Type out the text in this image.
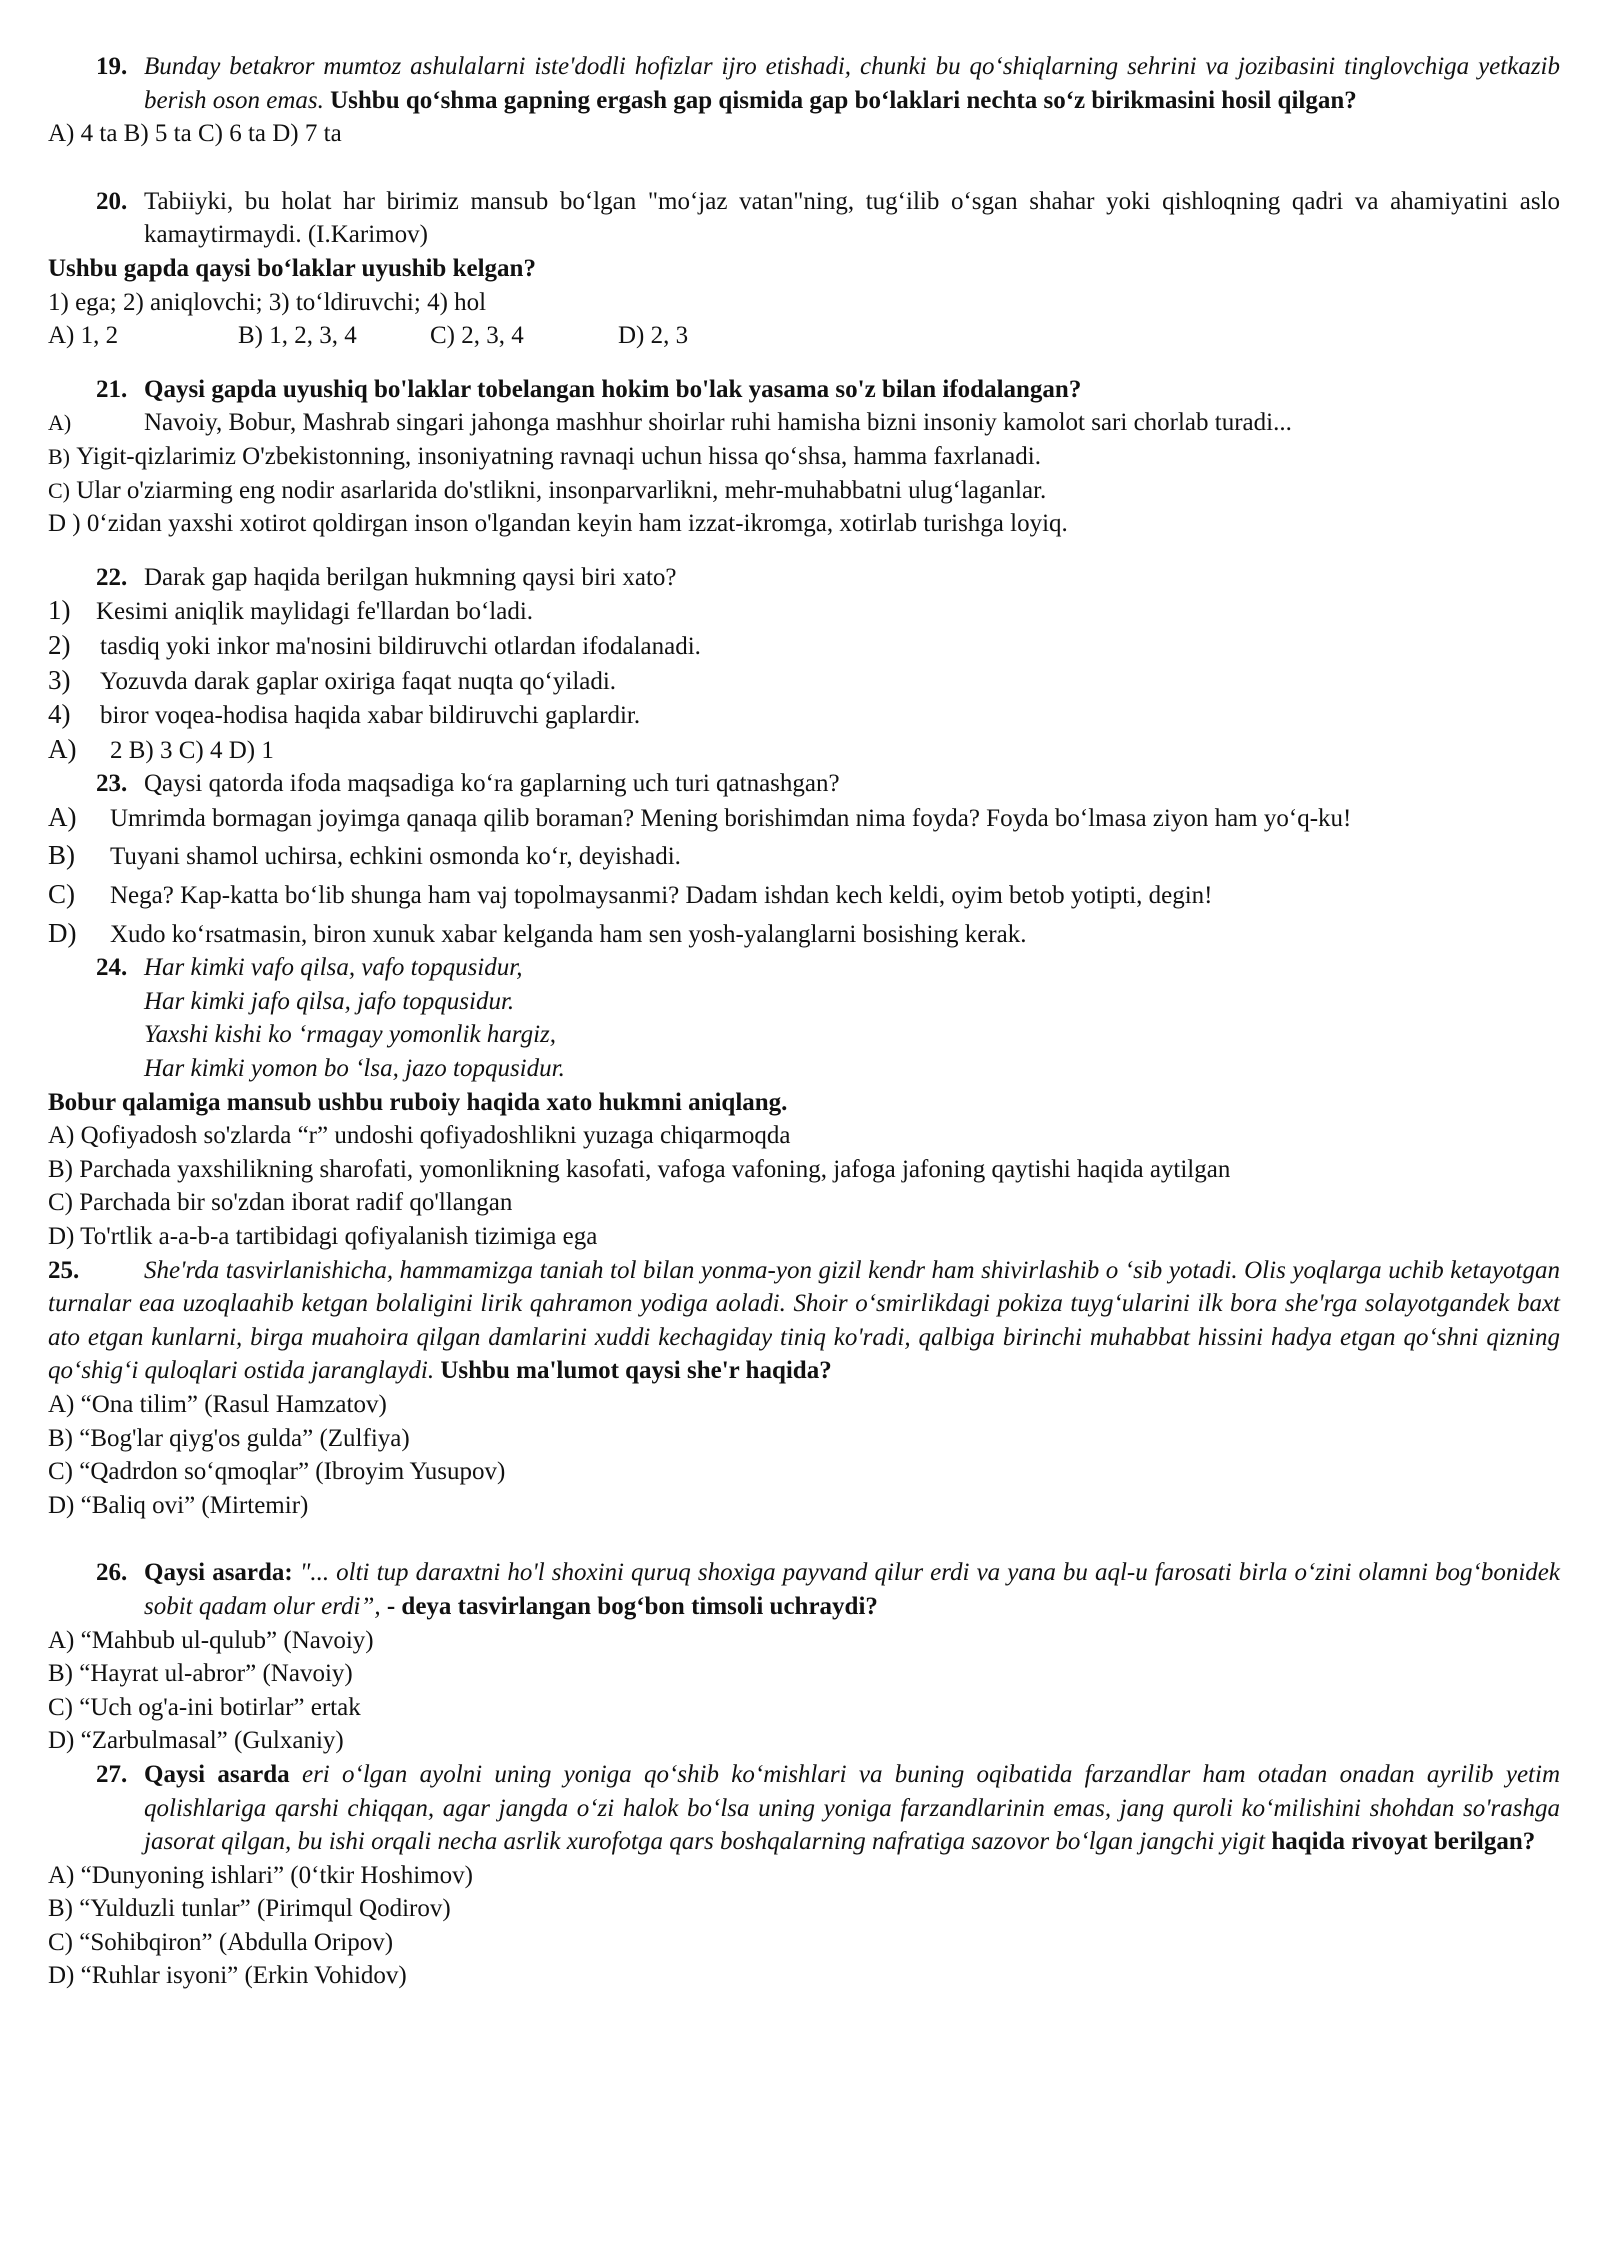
19. Bunday betakror mumtoz ashulalarni iste'dodli hofizlar ijro etishadi, chunki bu qo‘shiqlarning sehrini va jozibasini tinglovchiga yetkazib berish oson emas. Ushbu qo‘shma gapning ergash gap qismida gap bo‘laklari nechta so‘z birikmasini hosil qilgan?
A) 4 ta B) 5 ta C) 6 ta D) 7 ta
20. Tabiiyki, bu holat har birimiz mansub bo‘lgan "mo‘jaz vatan"ning, tug‘ilib o‘sgan shahar yoki qishloqning qadri va ahamiyatini aslo kamaytirmaydi. (I.Karimov)
Ushbu gapda qaysi bo‘laklar uyushib kelgan?
1) ega; 2) aniqlovchi; 3) to‘ldiruvchi; 4) hol
A) 1, 2	B) 1, 2, 3, 4	C) 2, 3, 4	D) 2, 3
21. Qaysi gapda uyushiq bo'laklar tobelangan hokim bo'lak yasama so'z bilan ifodalangan?
A)	Navoiy, Bobur, Mashrab singari jahonga mashhur shoirlar ruhi hamisha bizni insoniy kamolot sari chorlab turadi...
B) Yigit-qizlarimiz O'zbekistonning, insoniyatning ravnaqi uchun hissa qo‘shsa, hamma faxrlanadi.
C) Ular o'ziarming eng nodir asarlarida do'stlikni, insonparvarlikni, mehr-muhabbatni ulug‘laganlar.
D ) 0‘zidan yaxshi xotirot qoldirgan inson o'lgandan keyin ham izzat-ikromga, xotirlab turishga loyiq.
22. Darak gap haqida berilgan hukmning qaysi biri xato?
1) Kesimi aniqlik maylidagi fe'llardan bo‘ladi.
2) tasdiq yoki inkor ma'nosini bildiruvchi otlardan ifodalanadi.
3) Yozuvda darak gaplar oxiriga faqat nuqta qo‘yiladi.
4) biror voqea-hodisa haqida xabar bildiruvchi gaplardir.
A) 2 B) 3 C) 4 D) 1
23. Qaysi qatorda ifoda maqsadiga ko‘ra gaplarning uch turi qatnashgan?
A) Umrimda bormagan joyimga qanaqa qilib boraman? Mening borishimdan nima foyda? Foyda bo‘lmasa ziyon ham yo‘q-ku!
B) Tuyani shamol uchirsa, echkini osmonda ko‘r, deyishadi.
C) Nega? Kap-katta bo‘lib shunga ham vaj topolmaysanmi? Dadam ishdan kech keldi, oyim betob yotipti, degin!
D) Xudo ko‘rsatmasin, biron xunuk xabar kelganda ham sen yosh-yalanglarni bosishing kerak.
24. Har kimki vafo qilsa, vafo topqusidur,
Har kimki jafo qilsa, jafo topqusidur.
Yaxshi kishi ko ‘rmagay yomonlik hargiz,
Har kimki yomon bo ‘lsa, jazo topqusidur.
Bobur qalamiga mansub ushbu ruboiy haqida xato hukmni aniqlang.
A) Qofiyadosh so'zlarda “r” undoshi qofiyadoshlikni yuzaga chiqarmoqda
B) Parchada yaxshilikning sharofati, yomonlikning kasofati, vafoga vafoning, jafoga jafoning qaytishi haqida aytilgan
C) Parchada bir so'zdan iborat radif qo'llangan
D) To'rtlik a-a-b-a tartibidagi qofiyalanish tizimiga ega
25.	She'rda tasvirlanishicha, hammamizga taniah tol bilan yonma-yon gizil kendr ham shivirlashib o ‘sib yotadi. Olis yoqlarga uchib ketayotgan turnalar eaa uzoqlaahib ketgan bolaligini lirik qahramon yodiga aoladi. Shoir o‘smirlikdagi pokiza tuyg‘ularini ilk bora she'rga solayotgandek baxt ato etgan kunlarni, birga muahoira qilgan damlarini xuddi kechagiday tiniq ko'radi, qalbiga birinchi muhabbat hissini hadya etgan qo‘shni qizning qo‘shig‘i quloqlari ostida jaranglaydi. Ushbu ma'lumot qaysi she'r haqida?
A) “Ona tilim” (Rasul Hamzatov)
B) “Bog'lar qiyg'os gulda” (Zulfiya)
C) “Qadrdon so‘qmoqlar” (Ibroyim Yusupov)
D) “Baliq ovi” (Mirtemir)
26. Qaysi asarda: "... olti tup daraxtni ho'l shoxini quruq shoxiga payvand qilur erdi va yana bu aql-u farosati birla o‘zini olamni bog‘bonidek sobit qadam olur erdi”, - deya tasvirlangan bog‘bon timsoli uchraydi?
A) “Mahbub ul-qulub” (Navoiy)
B) “Hayrat ul-abror” (Navoiy)
C) “Uch og'a-ini botirlar” ertak
D) “Zarbulmasal” (Gulxaniy)
27. Qaysi asarda eri o‘lgan ayolni uning yoniga qo‘shib ko‘mishlari va buning oqibatida farzandlar ham otadan onadan ayrilib yetim qolishlariga qarshi chiqqan, agar jangda o‘zi halok bo‘lsa uning yoniga farzandlarinin emas, jang quroli ko‘milishini shohdan so'rashga jasorat qilgan, bu ishi orqali necha asrlik xurofotga qars boshqalarning nafratiga sazovor bo‘lgan jangchi yigit haqida rivoyat berilgan?
A) “Dunyoning ishlari” (0‘tkir Hoshimov)
B) “Yulduzli tunlar” (Pirimqul Qodirov)
C) “Sohibqiron” (Abdulla Oripov)
D) “Ruhlar isyoni” (Erkin Vohidov)
